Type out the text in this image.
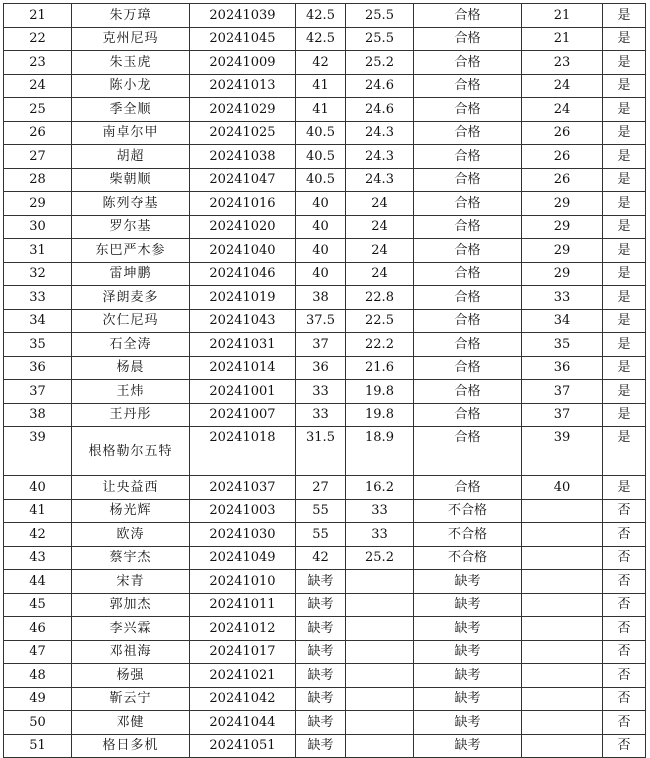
21	朱万璋	20241039	42.5	25.5	合格	21	是
22	克州尼玛	20241045	42.5	25.5	合格	21	是
23	朱玉虎	20241009	42	25.2	合格	23	是
24	陈小龙	20241013	41	24.6	合格	24	是
25	季全顺	20241029	41	24.6	合格	24	是
26	南卓尔甲	20241025	40.5	24.3	合格	26	是
27	胡超	20241038	40.5	24.3	合格	26	是
28	柴朝顺	20241047	40.5	24.3	合格	26	是
29	陈列夺基	20241016	40	24	合格	29	是
30	罗尔基	20241020	40	24	合格	29	是
31	东巴严木参	20241040	40	24	合格	29	是
32	雷坤鹏	20241046	40	24	合格	29	是
33	泽朗麦多	20241019	38	22.8	合格	33	是
34	次仁尼玛	20241043	37.5	22.5	合格	34	是
35	石全涛	20241031	37	22.2	合格	35	是
36	杨晨	20241014	36	21.6	合格	36	是
37	王炜	20241001	33	19.8	合格	37	是
38	王丹彤	20241007	33	19.8	合格	37	是
39	根格勒尔五特	20241018	31.5	18.9	合格	39	是
40	让央益西	20241037	27	16.2	合格	40	是
41	杨光辉	20241003	55	33	不合格		否
42	欧涛	20241030	55	33	不合格		否
43	蔡宇杰	20241049	42	25.2	不合格		否
44	宋青	20241010	缺考		缺考		否
45	郭加杰	20241011	缺考		缺考		否
46	李兴霖	20241012	缺考		缺考		否
47	邓祖海	20241017	缺考		缺考		否
48	杨强	20241021	缺考		缺考		否
49	靳云宁	20241042	缺考		缺考		否
50	邓健	20241044	缺考		缺考		否
51	格日多机	20241051	缺考		缺考		否
